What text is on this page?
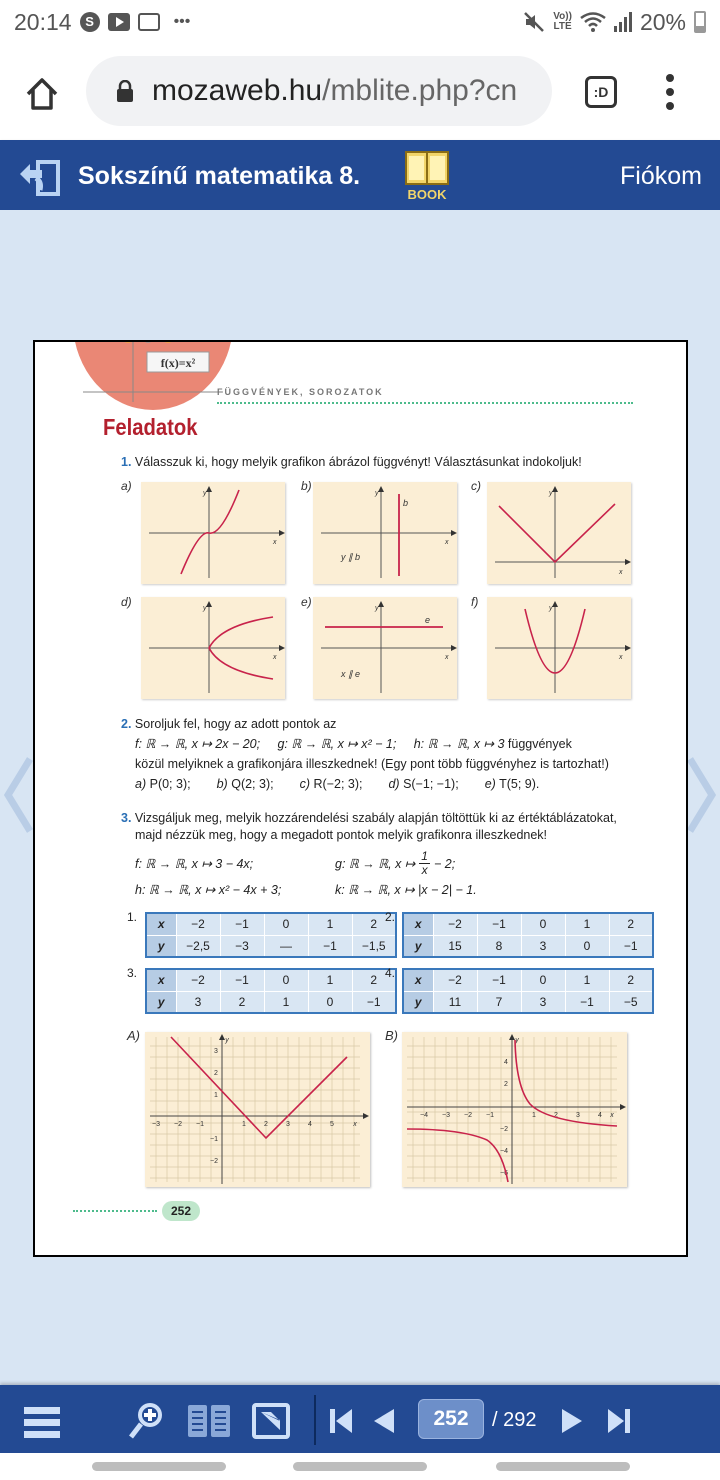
20:14	S	•••	Vo))
LTE	20%
mozaweb.hu /mblite.php?cn	:D
Sokszínű matematika 8.
BOOK
Fiókom
f(x)=x²
FÜGGVÉNYEK, SOROZATOK
Feladatok
1. Válasszuk ki, hogy melyik grafikon ábrázol függvényt! Választásunkat indokoljuk!
a)
y
x
b)
y
x
b
y ∥ b
c)
y
x
d)	y
x
e)	y
x
e
x ∥ e
f)	y
x
2. Soroljuk fel, hogy az adott pontok az
f: ℝ → ℝ, x ↦ 2x − 20; g: ℝ → ℝ, x ↦ x² − 1; h: ℝ → ℝ, x ↦ 3 függvények
közül melyiknek a grafikonjára illeszkednek! (Egy pont több függvényhez is tartozhat!)
a) P(0; 3); b) Q(2; 3); c) R(−2; 3); d) S(−1; −1); e) T(5; 9).
3. Vizsgáljuk meg, melyik hozzárendelési szabály alapján töltöttük ki az értéktáblázatokat,
majd nézzük meg, hogy a megadott pontok melyik grafikonra illeszkednek!
f: ℝ → ℝ, x ↦ 3 − 4x;	g: ℝ → ℝ, x ↦
1
x − 2;
h: ℝ → ℝ, x ↦ x² − 4x + 3;	k: ℝ → ℝ, x ↦ |x − 2| − 1.
1.
x	−2	−1	0	1	2
y	−2,5	−3	—	−1	−1,5
2.
x	−2	−1	0	1	2
y	15	8	3	0	−1
3.
x	−2	−1	0	1	2
y	3	2	1	0	−1
4.
x	−2	−1	0	1	2
y	11	7	3	−1	−5
A)
−3 −2 −1	1	2	3	4	5
3
2
1
−1
−2
y
x
B)
−4 −3 −2 −1	1	2	3	4
4
2
−2
−4
−6
y
x
252
252	/ 292
